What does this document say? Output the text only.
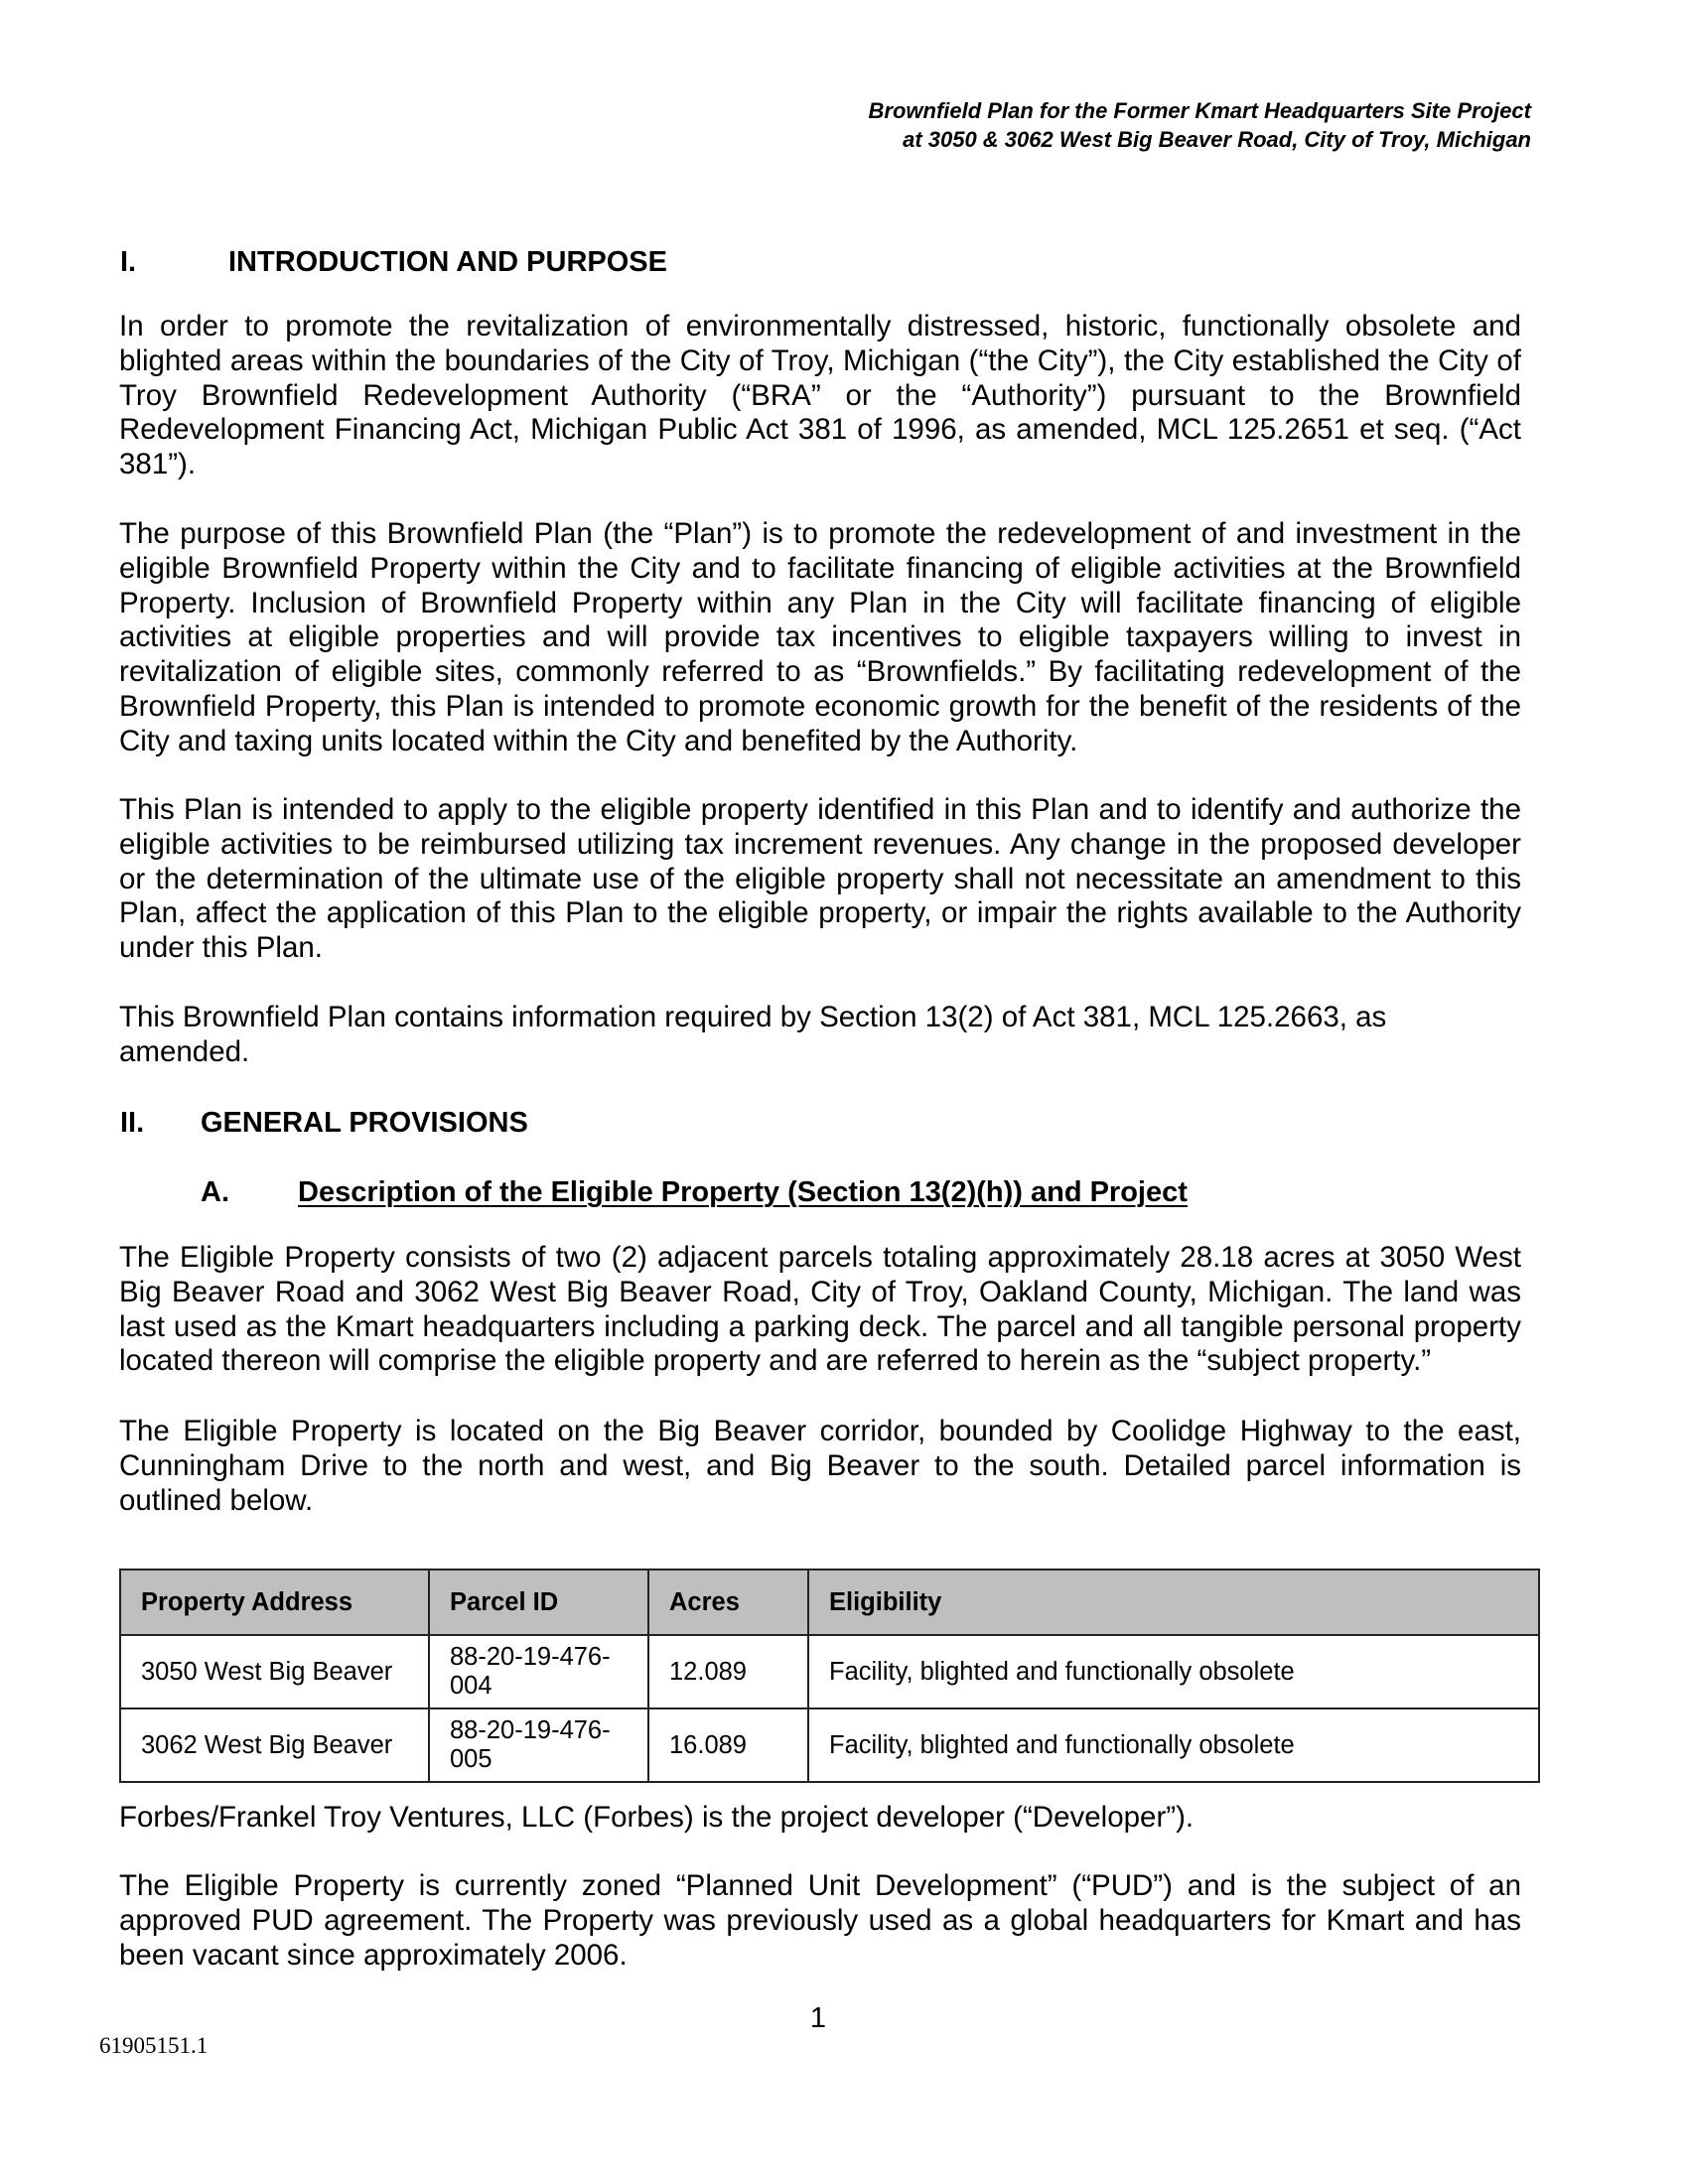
Brownfield Plan for the Former Kmart Headquarters Site Project
at 3050 & 3062 West Big Beaver Road, City of Troy, Michigan
I.	INTRODUCTION AND PURPOSE

In order to promote the revitalization of environmentally distressed, historic, functionally obsolete and blighted areas within the boundaries of the City of Troy, Michigan (“the City”), the City established the City of Troy Brownfield Redevelopment Authority (“BRA” or the “Authority”) pursuant to the Brownfield Redevelopment Financing Act, Michigan Public Act 381 of 1996, as amended, MCL 125.2651 et seq. (“Act 381”).

The purpose of this Brownfield Plan (the “Plan”) is to promote the redevelopment of and investment in the eligible Brownfield Property within the City and to facilitate financing of eligible activities at the Brownfield Property. Inclusion of Brownfield Property within any Plan in the City will facilitate financing of eligible activities at eligible properties and will provide tax incentives to eligible taxpayers willing to invest in revitalization of eligible sites, commonly referred to as “Brownfields.” By facilitating redevelopment of the Brownfield Property, this Plan is intended to promote economic growth for the benefit of the residents of the City and taxing units located within the City and benefited by the Authority.

This Plan is intended to apply to the eligible property identified in this Plan and to identify and authorize the eligible activities to be reimbursed utilizing tax increment revenues. Any change in the proposed developer or the determination of the ultimate use of the eligible property shall not necessitate an amendment to this Plan, affect the application of this Plan to the eligible property, or impair the rights available to the Authority under this Plan.

This Brownfield Plan contains information required by Section 13(2) of Act 381, MCL 125.2663, as amended.

II. GENERAL PROVISIONS
A. Description of the Eligible Property (Section 13(2)(h)) and Project

The Eligible Property consists of two (2) adjacent parcels totaling approximately 28.18 acres at 3050 West Big Beaver Road and 3062 West Big Beaver Road, City of Troy, Oakland County, Michigan. The land was last used as the Kmart headquarters including a parking deck. The parcel and all tangible personal property located thereon will comprise the eligible property and are referred to herein as the “subject property.”

The Eligible Property is located on the Big Beaver corridor, bounded by Coolidge Highway to the east, Cunningham Drive to the north and west, and Big Beaver to the south. Detailed parcel information is outlined below.

Property Address	Parcel ID	Acres	Eligibility
3050 West Big Beaver	88-20-19-476-004	12.089	Facility, blighted and functionally obsolete
3062 West Big Beaver	88-20-19-476-005	16.089	Facility, blighted and functionally obsolete

Forbes/Frankel Troy Ventures, LLC (Forbes) is the project developer (“Developer”).

The Eligible Property is currently zoned “Planned Unit Development” (“PUD”) and is the subject of an approved PUD agreement. The Property was previously used as a global headquarters for Kmart and has been vacant since approximately 2006.

1
61905151.1
